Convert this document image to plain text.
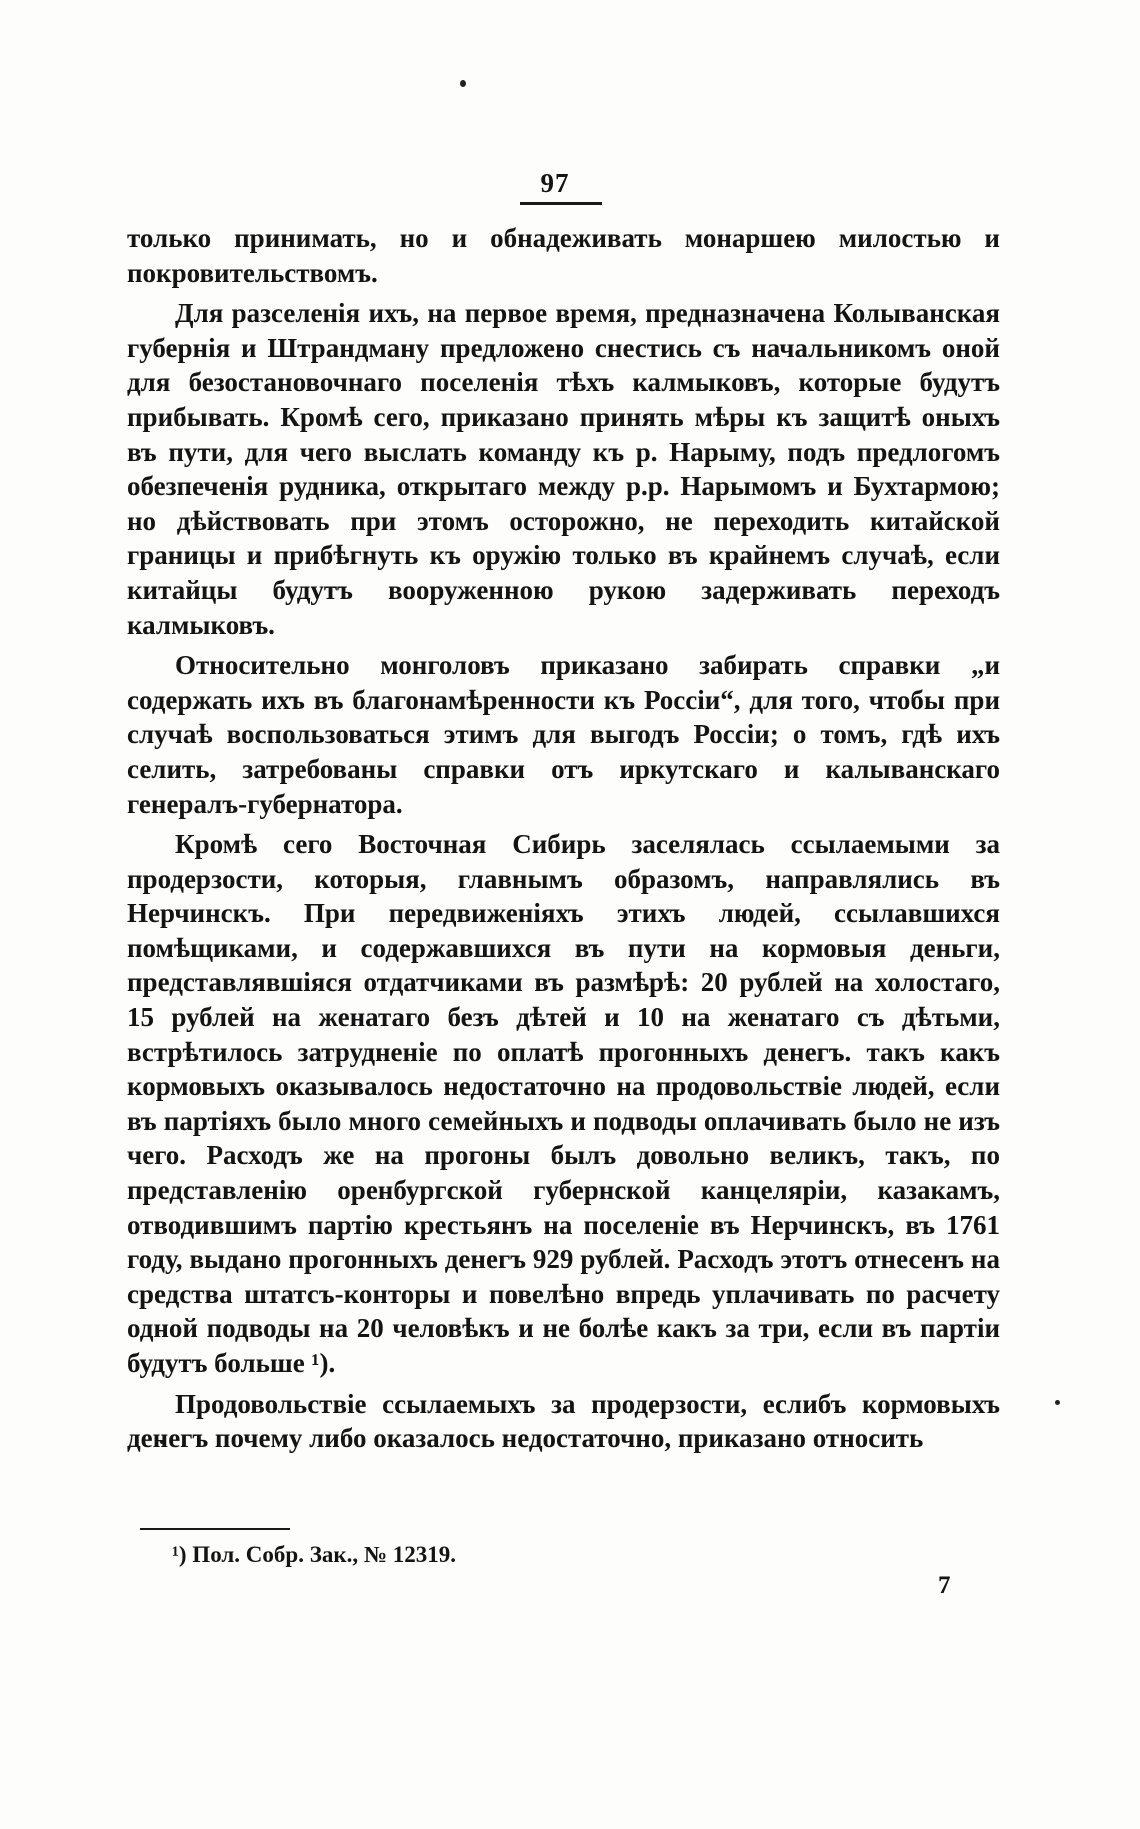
97

только принимать, но и обнадеживать монаршею милостью и покровительствомъ.

Для разселенія ихъ, на первое время, предназначена Колыванская губернія и Штрандману предложено снестись съ начальникомъ оной для безостановочнаго поселенія тѣхъ калмыковъ, которые будутъ прибывать. Кромѣ сего, приказано принять мѣры къ защитѣ оныхъ въ пути, для чего выслать команду къ р. Нарыму, подъ предлогомъ обезпеченія рудника, открытаго между р.р. Нарымомъ и Бухтармою; но дѣйствовать при этомъ осторожно, не переходить китайской границы и прибѣгнуть къ оружію только въ крайнемъ случаѣ, если китайцы будутъ вооруженною рукою задерживать переходъ калмыковъ.

Относительно монголовъ приказано забирать справки „и содержать ихъ въ благонамѣренности къ Россіи“, для того, чтобы при случаѣ воспользоваться этимъ для выгодъ Россіи; о томъ, гдѣ ихъ селить, затребованы справки отъ иркутскаго и калыванскаго генералъ-губернатора.

Кромѣ сего Восточная Сибирь заселялась ссылаемыми за продерзости, которыя, главнымъ образомъ, направлялись въ Нерчинскъ. При передвиженіяхъ этихъ людей, ссылавшихся помѣщиками, и содержавшихся въ пути на кормовыя деньги, представлявшіяся отдатчиками въ размѣрѣ: 20 рублей на холостаго, 15 рублей на женатаго безъ дѣтей и 10 на женатаго съ дѣтьми, встрѣтилось затрудненіе по оплатѣ прогонныхъ денегъ. такъ какъ кормовыхъ оказывалось недостаточно на продовольствіе людей, если въ партіяхъ было много семейныхъ и подводы оплачивать было не изъ чего. Расходъ же на прогоны былъ довольно великъ, такъ, по представленію оренбургской губернской канцеляріи, казакамъ, отводившимъ партію крестьянъ на поселеніе въ Нерчинскъ, въ 1761 году, выдано прогонныхъ денегъ 929 рублей. Расходъ этотъ отнесенъ на средства штатсъ-конторы и повелѣно впредь уплачивать по расчету одной подводы на 20 человѣкъ и не болѣе какъ за три, если въ партіи будутъ больше ¹).

Продовольствіе ссылаемыхъ за продерзости, еслибъ кормовыхъ денегъ почему либо оказалось недостаточно, приказано относить

¹) Пол. Собр. Зак., № 12319.
7
